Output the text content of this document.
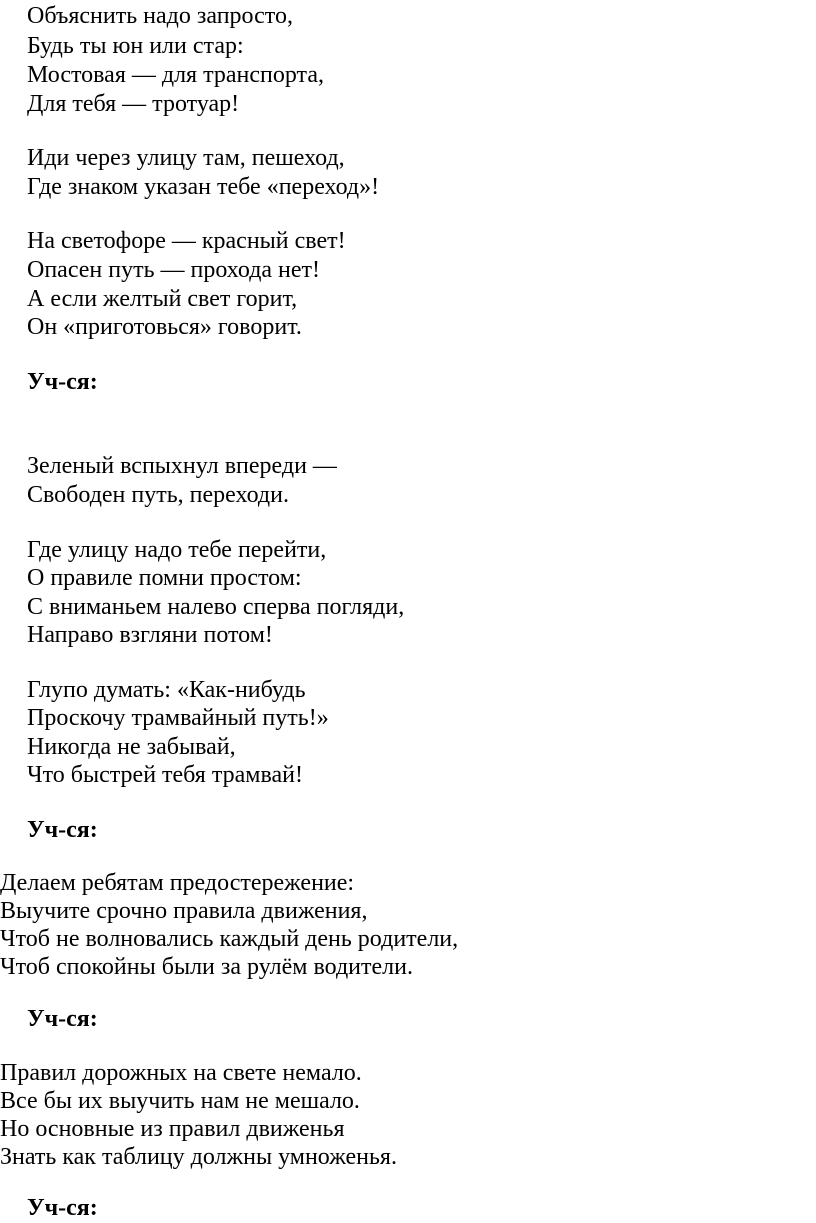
Объяснить надо запросто,
Будь ты юн или стар:
Мостовая — для транспорта,
Для тебя — тротуар!
Иди через улицу там, пешеход,
Где знаком указан тебе «переход»!
На светофоре — красный свет!
Опасен путь — прохода нет!
А если желтый свет горит,
Он «приготовься» говорит.
Уч-ся:
Зеленый вспыхнул впереди —
Свободен путь, переходи.
Где улицу надо тебе перейти,
О правиле помни простом:
С вниманьем налево сперва погляди,
Направо взгляни потом!
Глупо думать: «Как-нибудь
Проскочу трамвайный путь!»
Никогда не забывай,
Что быстрей тебя трамвай!
Уч-ся:
Делаем ребятам предостережение:
Выучите срочно правила движения,
Чтоб не волновались каждый день родители,
Чтоб спокойны были за рулём водители.
Уч-ся:
Правил дорожных на свете немало.
Все бы их выучить нам не мешало.
Но основные из правил движенья
Знать как таблицу должны умноженья.
Уч-ся:
